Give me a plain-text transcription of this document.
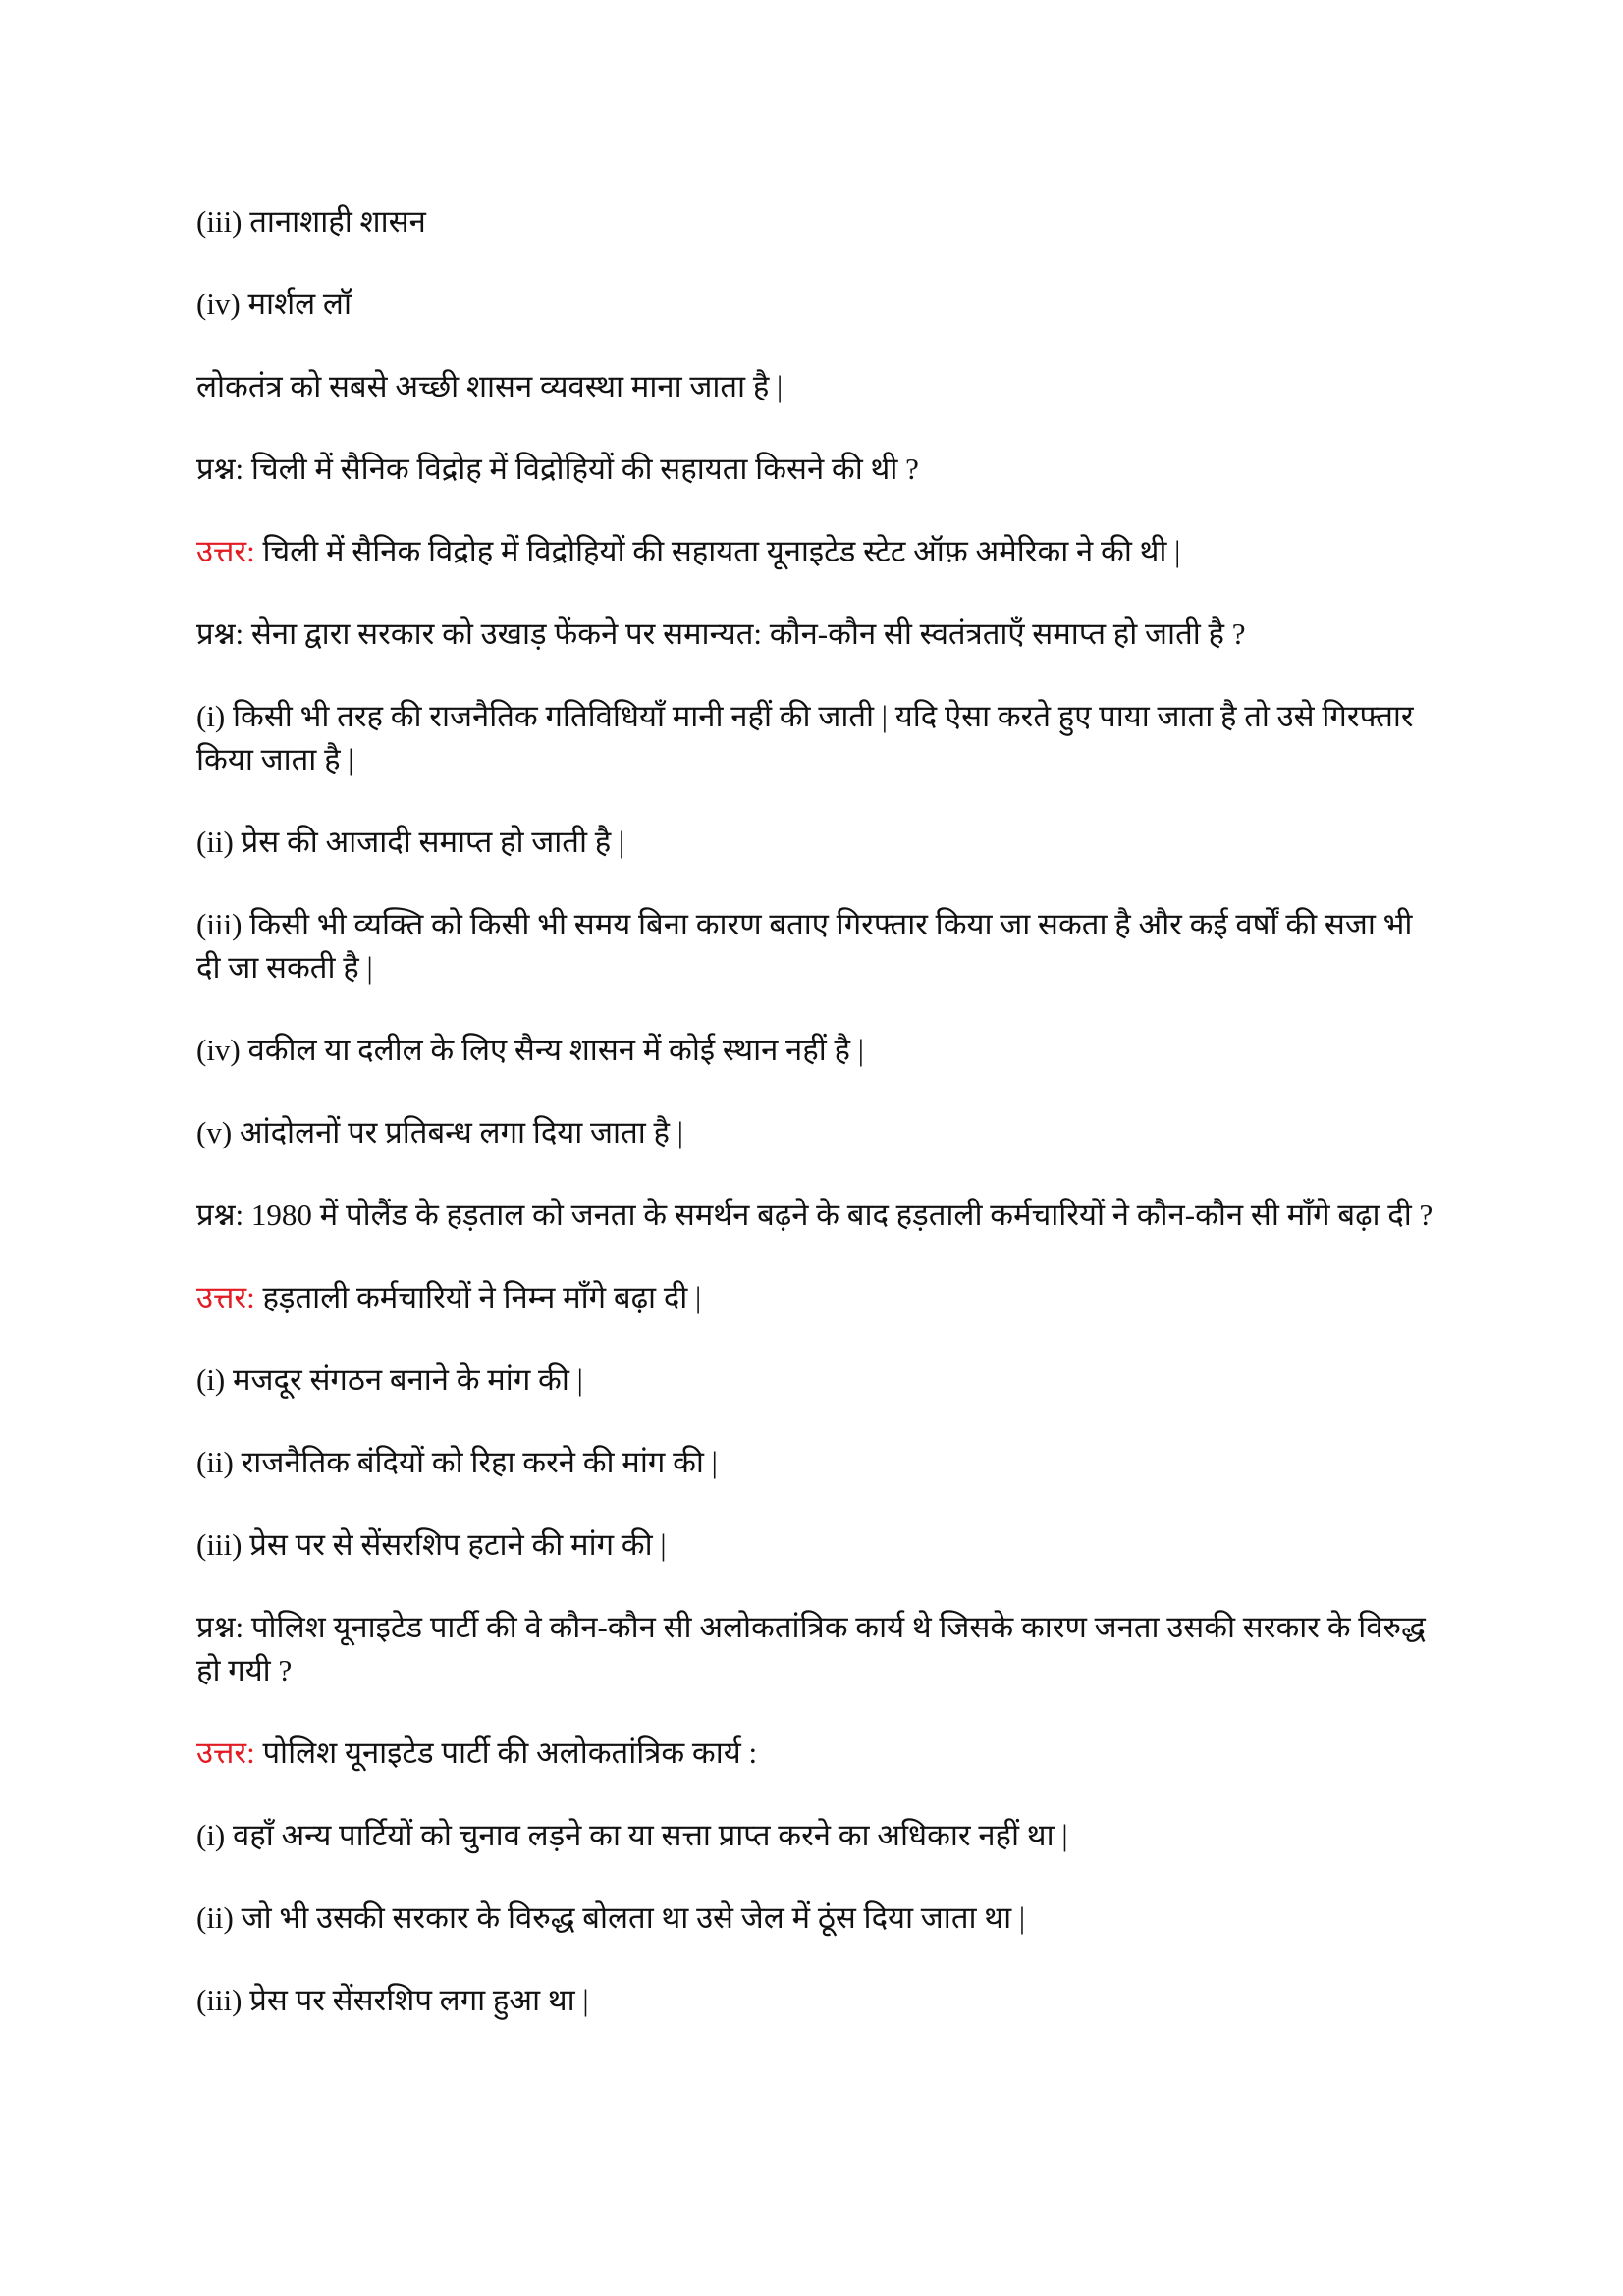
(iii) तानाशाही शासन

(iv) मार्शल लॉ

लोकतंत्र को सबसे अच्छी शासन व्यवस्था माना जाता है |

प्रश्न: चिली में सैनिक विद्रोह में विद्रोहियों की सहायता किसने की थी ?

उत्तर: चिली में सैनिक विद्रोह में विद्रोहियों की सहायता यूनाइटेड स्टेट ऑफ़ अमेरिका ने की थी |

प्रश्न: सेना द्वारा सरकार को उखाड़ फेंकने पर समान्यत: कौन-कौन सी स्वतंत्रताएँ समाप्त हो जाती है ?

(i) किसी भी तरह की राजनैतिक गतिविधियाँ मानी नहीं की जाती | यदि ऐसा करते हुए पाया जाता है तो उसे गिरफ्तार किया जाता है |

(ii) प्रेस की आजादी समाप्त हो जाती है |

(iii) किसी भी व्यक्ति को किसी भी समय बिना कारण बताए गिरफ्तार किया जा सकता है और कई वर्षों की सजा भी दी जा सकती है |

(iv) वकील या दलील के लिए सैन्य शासन में कोई स्थान नहीं है |

(v) आंदोलनों पर प्रतिबन्ध लगा दिया जाता है |

प्रश्न: 1980 में पोलैंड के हड़ताल को जनता के समर्थन बढ़ने के बाद हड़ताली कर्मचारियों ने कौन-कौन सी माँगे बढ़ा दी ?

उत्तर: हड़ताली कर्मचारियों ने निम्न माँगे बढ़ा दी |

(i) मजदूर संगठन बनाने के मांग की |

(ii) राजनैतिक बंदियों को रिहा करने की मांग की |

(iii) प्रेस पर से सेंसरशिप हटाने की मांग की |

प्रश्न: पोलिश यूनाइटेड पार्टी की वे कौन-कौन सी अलोकतांत्रिक कार्य थे जिसके कारण जनता उसकी सरकार के विरुद्ध हो गयी ?

उत्तर: पोलिश यूनाइटेड पार्टी की अलोकतांत्रिक कार्य :

(i) वहाँ अन्य पार्टियों को चुनाव लड़ने का या सत्ता प्राप्त करने का अधिकार नहीं था |

(ii) जो भी उसकी सरकार के विरुद्ध बोलता था उसे जेल में ठूंस दिया जाता था |

(iii) प्रेस पर सेंसरशिप लगा हुआ था |
